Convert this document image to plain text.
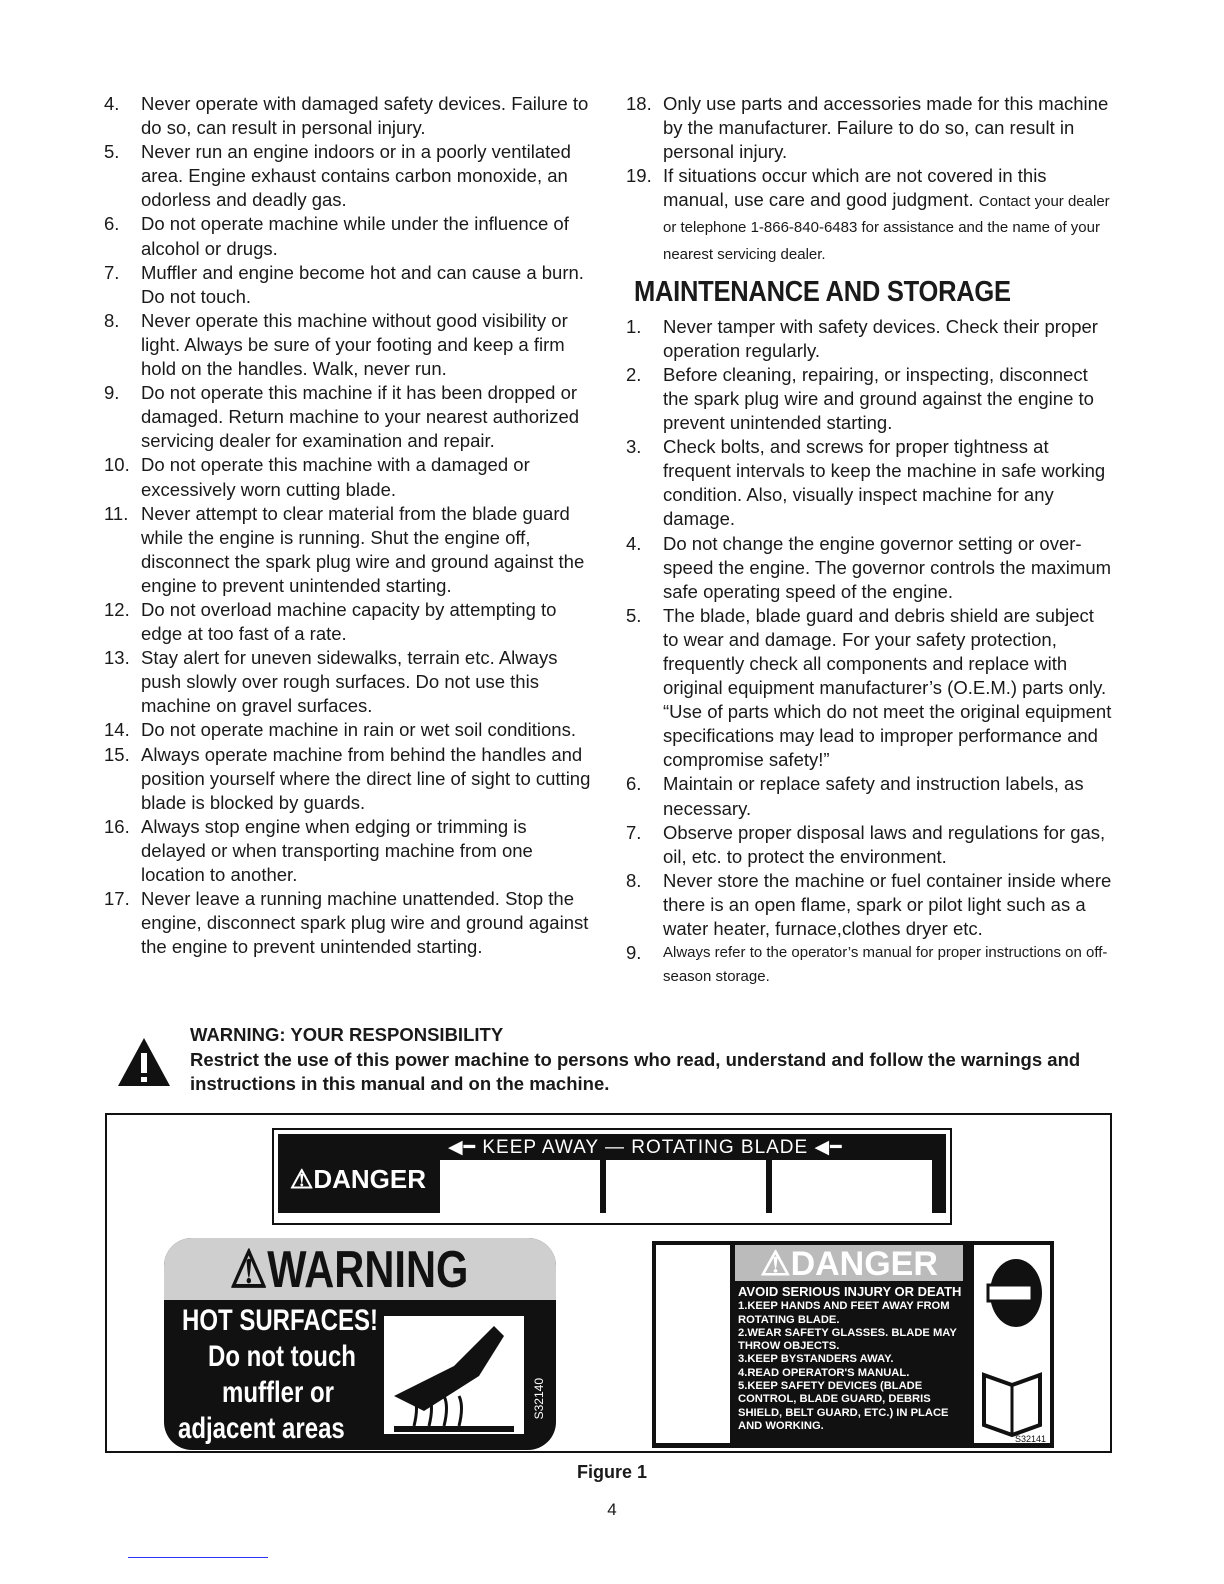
4.	Never operate with damaged safety devices. Failure to do so, can result in personal injury.
5.	Never run an engine indoors or in a poorly ventilated area. Engine exhaust contains carbon monoxide, an odorless and deadly gas.
6.	Do not operate machine while under the influence of alcohol or drugs.
7.	Muffler and engine become hot and can cause a burn. Do not touch.
8.	Never operate this machine without good visibility or light. Always be sure of your footing and keep a firm hold on the handles. Walk, never run.
9.	Do not operate this machine if it has been dropped or damaged. Return machine to your nearest authorized servicing dealer for examination and repair.
10. Do not operate this machine with a damaged or excessively worn cutting blade.
11. Never attempt to clear material from the blade guard while the engine is running. Shut the engine off, disconnect the spark plug wire and ground against the engine to prevent unintended starting.
12. Do not overload machine capacity by attempting to edge at too fast of a rate.
13. Stay alert for uneven sidewalks, terrain etc. Always push slowly over rough surfaces. Do not use this machine on gravel surfaces.
14. Do not operate machine in rain or wet soil conditions.
15. Always operate machine from behind the handles and position yourself where the direct line of sight to cutting blade is blocked by guards.
16. Always stop engine when edging or trimming is delayed or when transporting machine from one location to another.
17. Never leave a running machine unattended. Stop the engine, disconnect spark plug wire and ground against the engine to prevent unintended starting.
18. Only use parts and accessories made for this machine by the manufacturer. Failure to do so, can result in personal injury.
19. If situations occur which are not covered in this manual, use care and good judgment. Contact your dealer or telephone 1-866-840-6483 for assistance and the name of your nearest servicing dealer.
MAINTENANCE AND STORAGE
1.	Never tamper with safety devices. Check their proper operation regularly.
2.	Before cleaning, repairing, or inspecting, disconnect the spark plug wire and ground against the engine to prevent unintended starting.
3.	Check bolts, and screws for proper tightness at frequent intervals to keep the machine in safe working condition. Also, visually inspect machine for any damage.
4.	Do not change the engine governor setting or over-speed the engine. The governor controls the maximum safe operating speed of the engine.
5.	The blade, blade guard and debris shield are subject to wear and damage. For your safety protection, frequently check all components and replace with original equipment manufacturer’s (O.E.M.) parts only. “Use of parts which do not meet the original equipment specifications may lead to improper performance and compromise safety!”
6.	Maintain or replace safety and instruction labels, as necessary.
7.	Observe proper disposal laws and regulations for gas, oil, etc. to protect the environment.
8.	Never store the machine or fuel container inside where there is an open flame, spark or pilot light such as a water heater, furnace,clothes dryer etc.
9.	Always refer to the operator’s manual for proper instructions on off-season storage.
WARNING: YOUR RESPONSIBILITY
Restrict the use of this power machine to persons who read, understand and follow the warnings and instructions in this manual and on the machine.
◀━ KEEP AWAY — ROTATING BLADE ◀━
⚠DANGER
⚠WARNING
HOT SURFACES!
Do not touch
muffler or
adjacent areas
S32140
⚠DANGER
AVOID SERIOUS INJURY OR DEATH
1.KEEP HANDS AND FEET AWAY FROM ROTATING BLADE.
2.WEAR SAFETY GLASSES. BLADE MAY THROW OBJECTS.
3.KEEP BYSTANDERS AWAY.
4.READ OPERATOR'S MANUAL.
5.KEEP SAFETY DEVICES (BLADE CONTROL, BLADE GUARD, DEBRIS SHIELD, BELT GUARD, ETC.) IN PLACE AND WORKING.
S32141
Figure 1
4
